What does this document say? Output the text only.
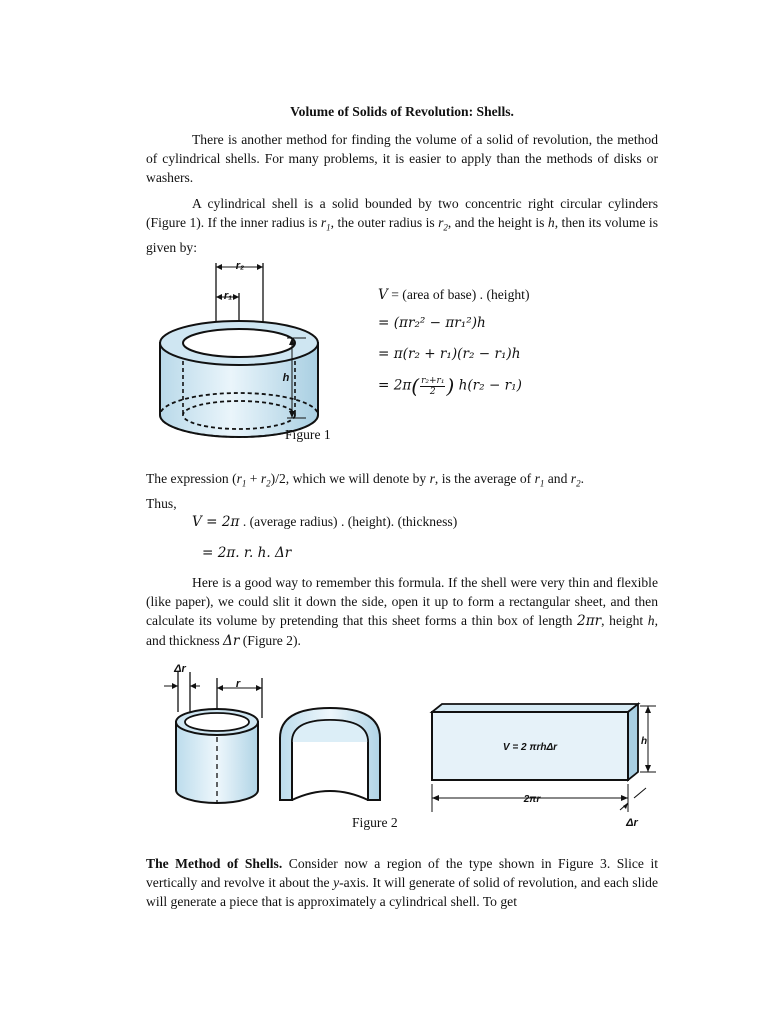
Volume of Solids of Revolution: Shells.
There is another method for finding the volume of a solid of revolution, the method of cylindrical shells. For many problems, it is easier to apply than the methods of disks or washers.
A cylindrical shell is a solid bounded by two concentric right circular cylinders (Figure 1). If the inner radius is $r_1$, the outer radius is $r_2$, and the height is h, then its volume is given by:
r₂
r₁
h
Figure 1
V = (area of base) . (height)
= (πr₂² − πr₁²)h
= π(r₂ + r₁)(r₂ − r₁)h
= $2\pi( \frac{\text{r₂+r₁}}{2}$ ) h(r₂ − r₁)
The expression $(r_1 + r_2)/2$, which we will denote by r, is the average of $r_1$ and $r_2$.
Thus,
V = 2π . (average radius) . (height). (thickness)
= 2π. r. h. Δr
Here is a good way to remember this formula. If the shell were very thin and flexible (like paper), we could slit it down the side, open it up to form a rectangular sheet, and then calculate its volume by pretending that this sheet forms a thin box of length 2πr, height h, and thickness Δr (Figure 2).
Δr
r
V = 2 πrhΔr
h
2πr
Δr
Figure 2
The Method of Shells. Consider now a region of the type shown in Figure 3. Slice it vertically and revolve it about the y-axis. It will generate of solid of revolution, and each slide will generate a piece that is approximately a cylindrical shell. To get
